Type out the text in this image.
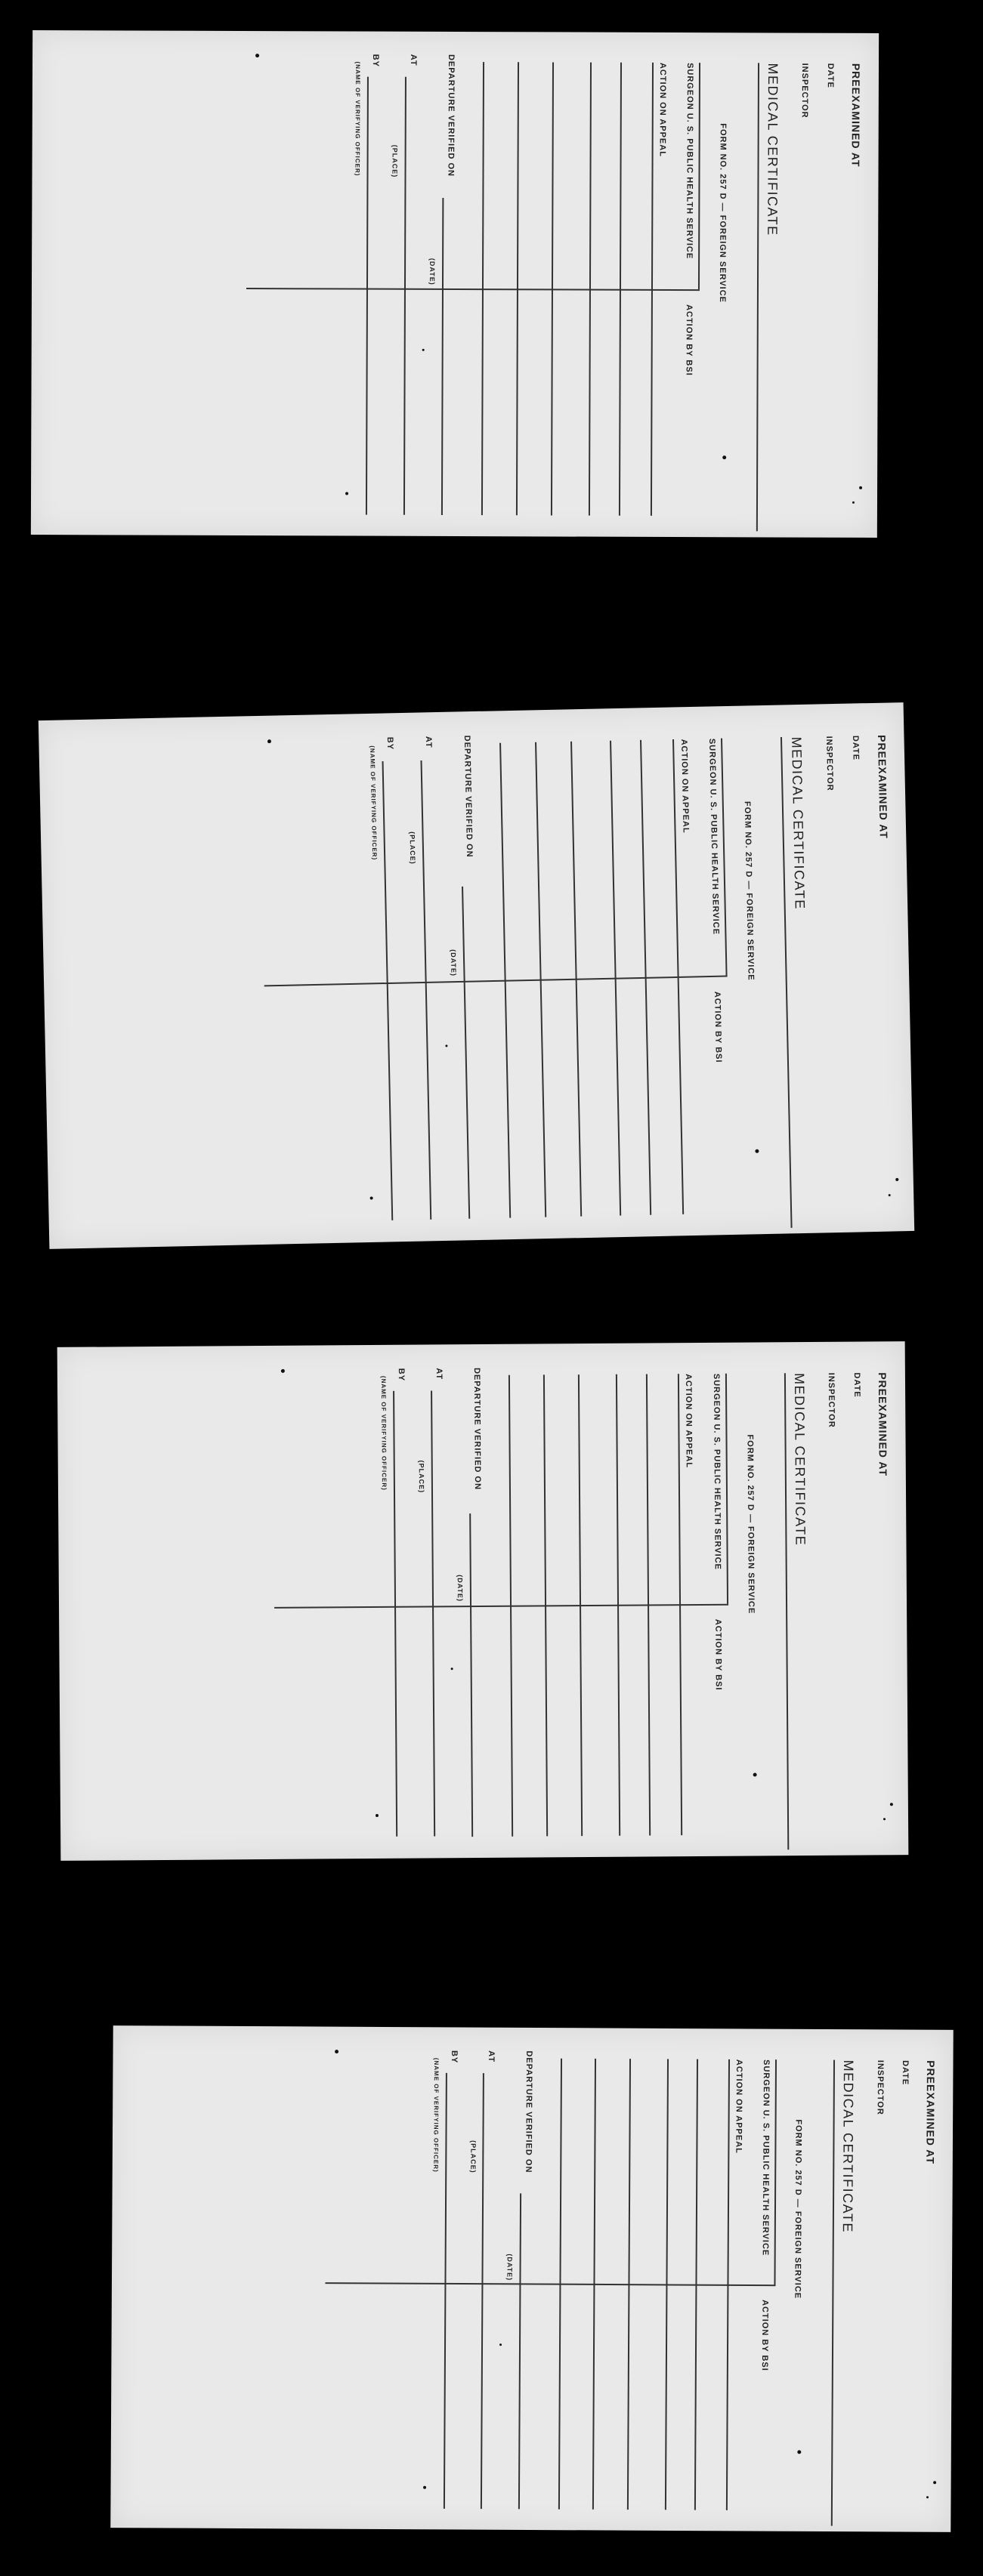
PREEXAMINED AT
DATE
INSPECTOR
MEDICAL CERTIFICATE
FORM NO. 257 D — FOREIGN SERVICE
SURGEON U. S. PUBLIC HEALTH SERVICE
ACTION BY BSI
ACTION ON APPEAL
DEPARTURE VERIFIED ON
(DATE)
AT
(PLACE)
BY
(NAME OF VERIFYING OFFICER)
PREEXAMINED AT
DATE
INSPECTOR
MEDICAL CERTIFICATE
FORM NO. 257 D — FOREIGN SERVICE
SURGEON U. S. PUBLIC HEALTH SERVICE
ACTION BY BSI
ACTION ON APPEAL
DEPARTURE VERIFIED ON
(DATE)
AT
(PLACE)
BY
(NAME OF VERIFYING OFFICER)
PREEXAMINED AT
DATE
INSPECTOR
MEDICAL CERTIFICATE
FORM NO. 257 D — FOREIGN SERVICE
SURGEON U. S. PUBLIC HEALTH SERVICE
ACTION BY BSI
ACTION ON APPEAL
DEPARTURE VERIFIED ON
(DATE)
AT
(PLACE)
BY
(NAME OF VERIFYING OFFICER)
PREEXAMINED AT
DATE
INSPECTOR
MEDICAL CERTIFICATE
FORM NO. 257 D — FOREIGN SERVICE
SURGEON U. S. PUBLIC HEALTH SERVICE
ACTION BY BSI
ACTION ON APPEAL
DEPARTURE VERIFIED ON
(DATE)
AT
(PLACE)
BY
(NAME OF VERIFYING OFFICER)
